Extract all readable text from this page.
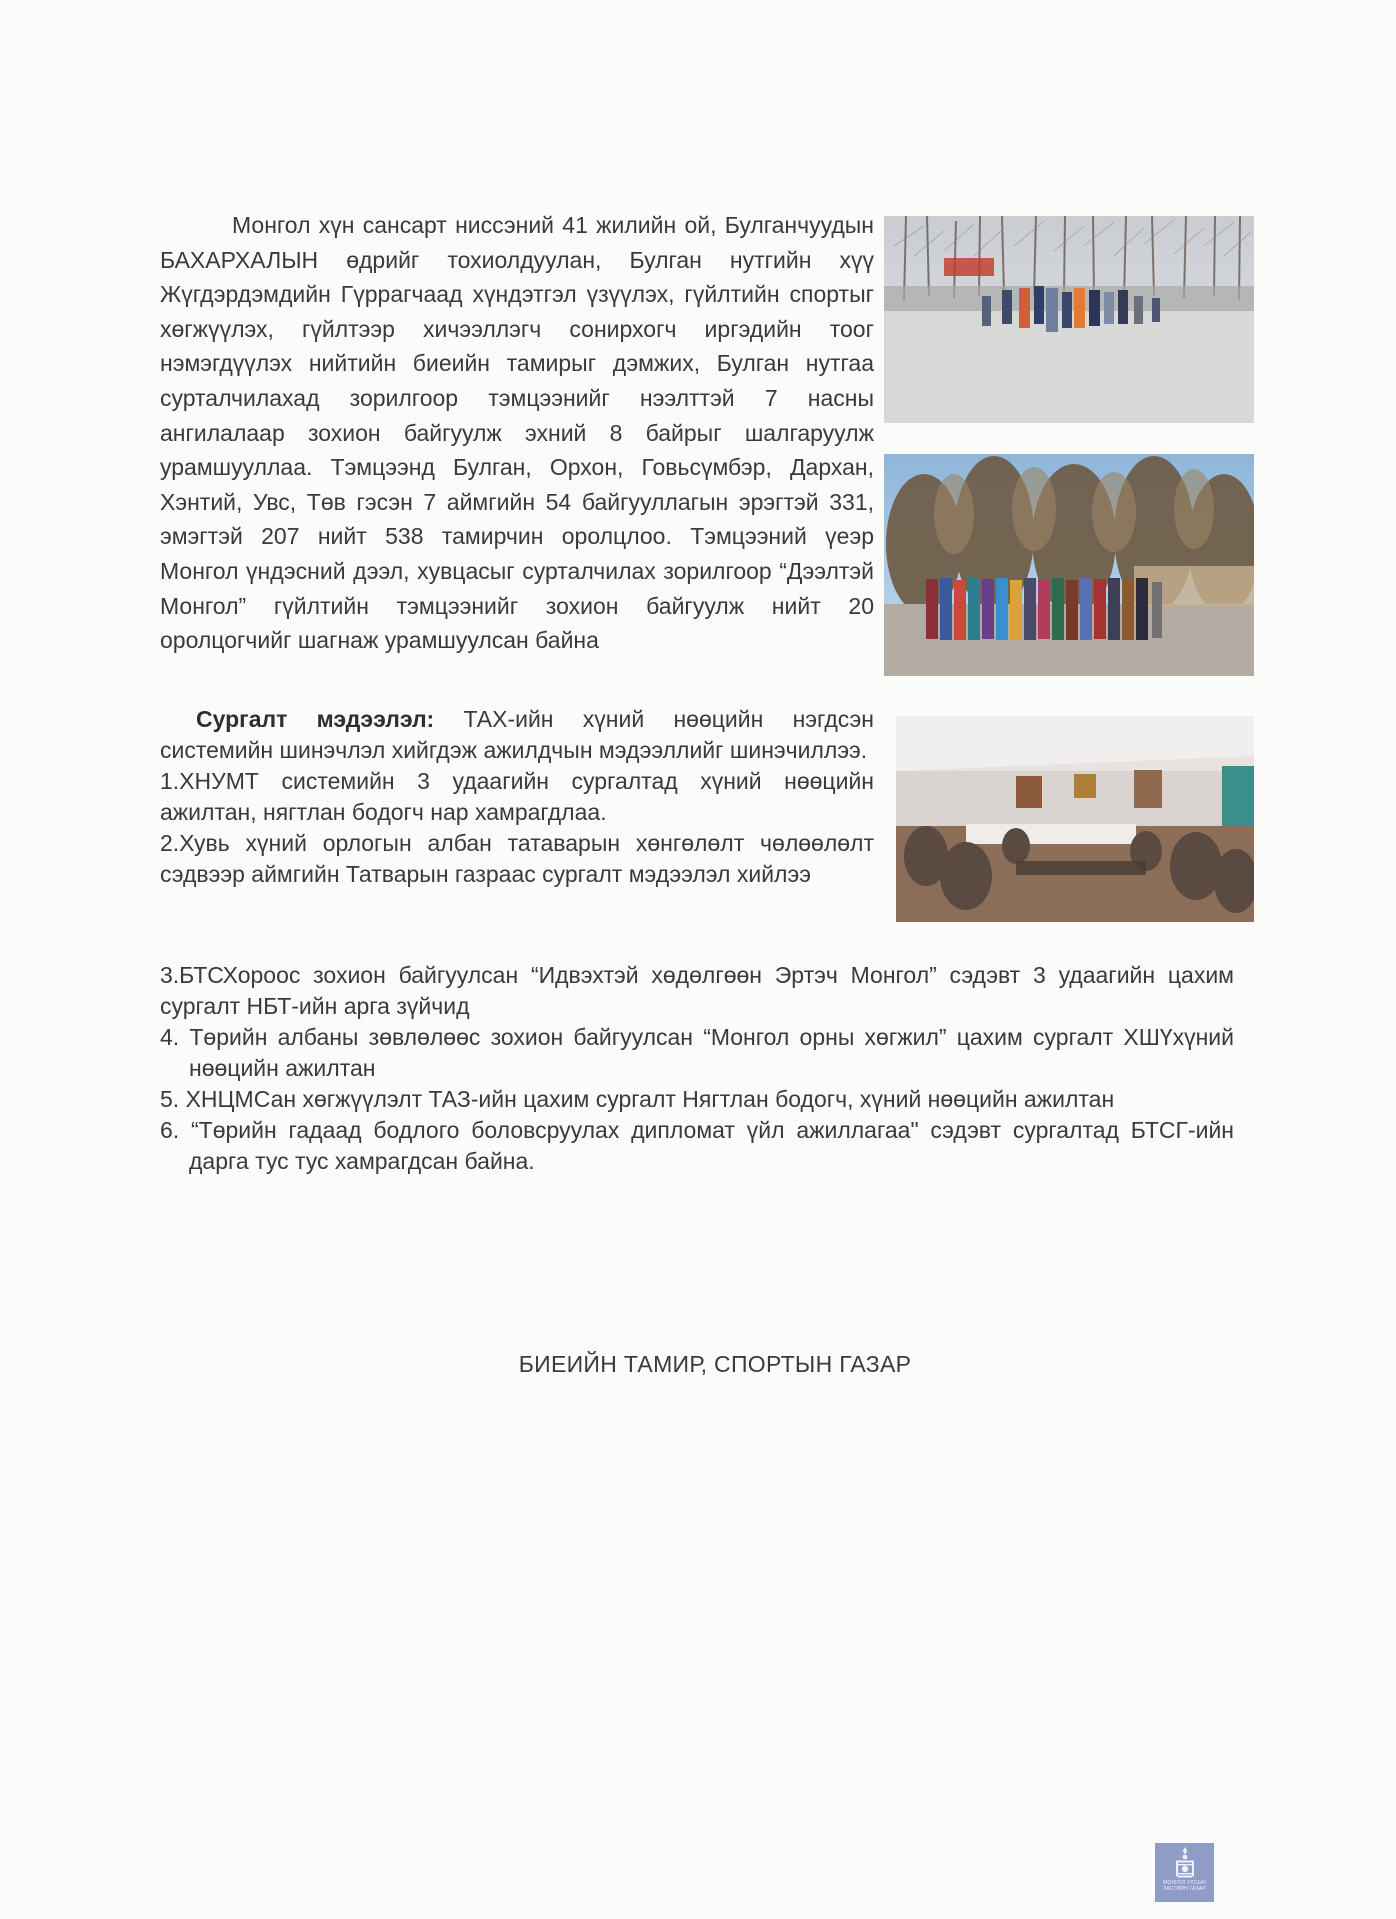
Монгол хүн сансарт ниссэний 41 жилийн ой, Булганчуудын БАХАРХАЛЫН өдрийг тохиолдуулан, Булган нутгийн хүү Жүгдэрдэмдийн Гүррагчаад хүндэтгэл үзүүлэх, гүйлтийн спортыг хөгжүүлэх, гүйлтээр хичээллэгч сонирхогч иргэдийн тоог нэмэгдүүлэх нийтийн биеийн тамирыг дэмжих, Булган нутгаа сурталчилахад зорилгоор тэмцээнийг нээлттэй 7 насны ангилалаар зохион байгуулж эхний 8 байрыг шалгаруулж урамшууллаа. Тэмцээнд Булган, Орхон, Говьсүмбэр, Дархан, Хэнтий, Увс, Төв гэсэн 7 аймгийн 54 байгууллагын эрэгтэй 331, эмэгтэй 207 нийт 538 тамирчин оролцлоо. Тэмцээний үеэр Монгол үндэсний дээл, хувцасыг сурталчилах зорилгоор “Дээлтэй Монгол” гүйлтийн тэмцээнийг зохион байгуулж нийт 20 оролцогчийг шагнаж урамшуулсан байна

Сургалт мэдээлэл: ТАХ-ийн хүний нөөцийн нэгдсэн системийн шинэчлэл хийгдэж ажилдчын мэдээллийг шинэчиллээ.

1.ХНУМТ системийн 3 удаагийн сургалтад хүний нөөцийн ажилтан, нягтлан бодогч нар хамрагдлаа.

2.Хувь хүний орлогын албан татаварын хөнгөлөлт чөлөөлөлт сэдвээр аймгийн Татварын газраас сургалт мэдээлэл хийлээ

3.БТСХороос зохион байгуулсан “Идвэхтэй хөдөлгөөн Эртэч Монгол” сэдэвт 3 удаагийн цахим сургалт НБТ-ийн арга зүйчид

4. Төрийн албаны зөвлөлөөс зохион байгуулсан “Монгол орны хөгжил” цахим сургалт ХШҮхүний нөөцийн ажилтан

5. ХНЦМСан хөгжүүлэлт ТАЗ-ийн цахим сургалт Нягтлан бодогч, хүний нөөцийн ажилтан

6. “Төрийн гадаад бодлого боловсруулах дипломат үйл ажиллагаа" сэдэвт сургалтад БТСГ-ийн дарга тус тус хамрагдсан байна.

БИЕИЙН ТАМИР, СПОРТЫН ГАЗАР
МОНГОЛ УЛСЫН
ЗАСГИЙН ГАЗАР
